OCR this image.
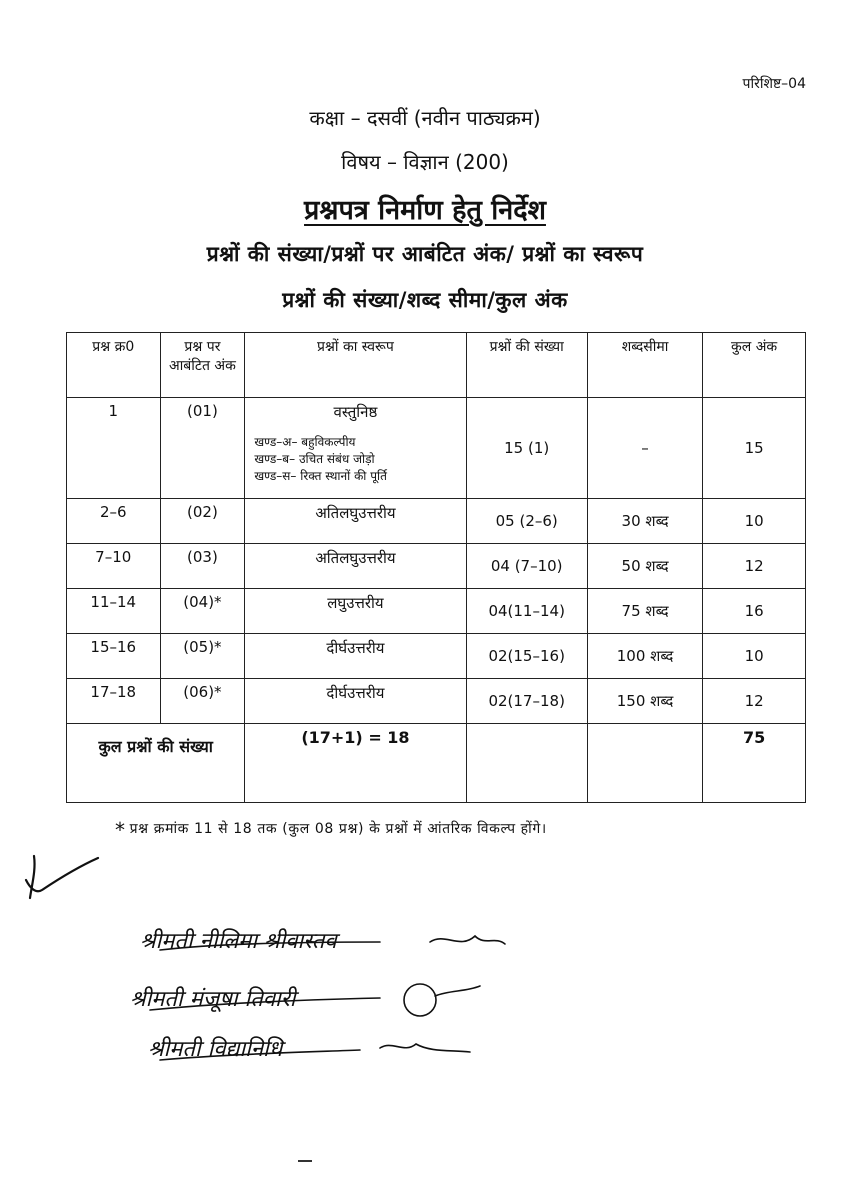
परिशिष्ट–04
कक्षा – दसवीं (नवीन पाठ्यक्रम)
विषय – विज्ञान (200)
प्रश्नपत्र निर्माण हेतु निर्देश
प्रश्नों की संख्या/प्रश्नों पर आबंटित अंक/ प्रश्नों का स्वरूप
प्रश्नों की संख्या/शब्द सीमा/कुल अंक
प्रश्न क्र0	प्रश्न पर आबंटित अंक	प्रश्नों का स्वरूप	प्रश्नों की संख्या	शब्दसीमा	कुल अंक
1	(01)	वस्तुनिष्ठ
खण्ड–अ– बहुविकल्पीय
खण्ड–ब– उचित संबंध जोड़ो
खण्ड–स– रिक्त स्थानों की पूर्ति	15 (1)	–	15
2–6	(02)	अतिलघुउत्तरीय	05 (2–6)	30 शब्द	10
7–10	(03)	अतिलघुउत्तरीय	04 (7–10)	50 शब्द	12
11–14	(04)*	लघुउत्तरीय	04(11–14)	75 शब्द	16
15–16	(05)*	दीर्घउत्तरीय	02(15–16)	100 शब्द	10
17–18	(06)*	दीर्घउत्तरीय	02(17–18)	150 शब्द	12
कुल प्रश्नों की संख्या		(17+1) = 18			75
* प्रश्न क्रमांक 11 से 18 तक (कुल 08 प्रश्न) के प्रश्नों में आंतरिक विकल्प होंगे।
श्रीमती नीलिमा श्रीवास्तव
श्रीमती मंजूषा तिवारी
श्रीमती विद्यानिधि
